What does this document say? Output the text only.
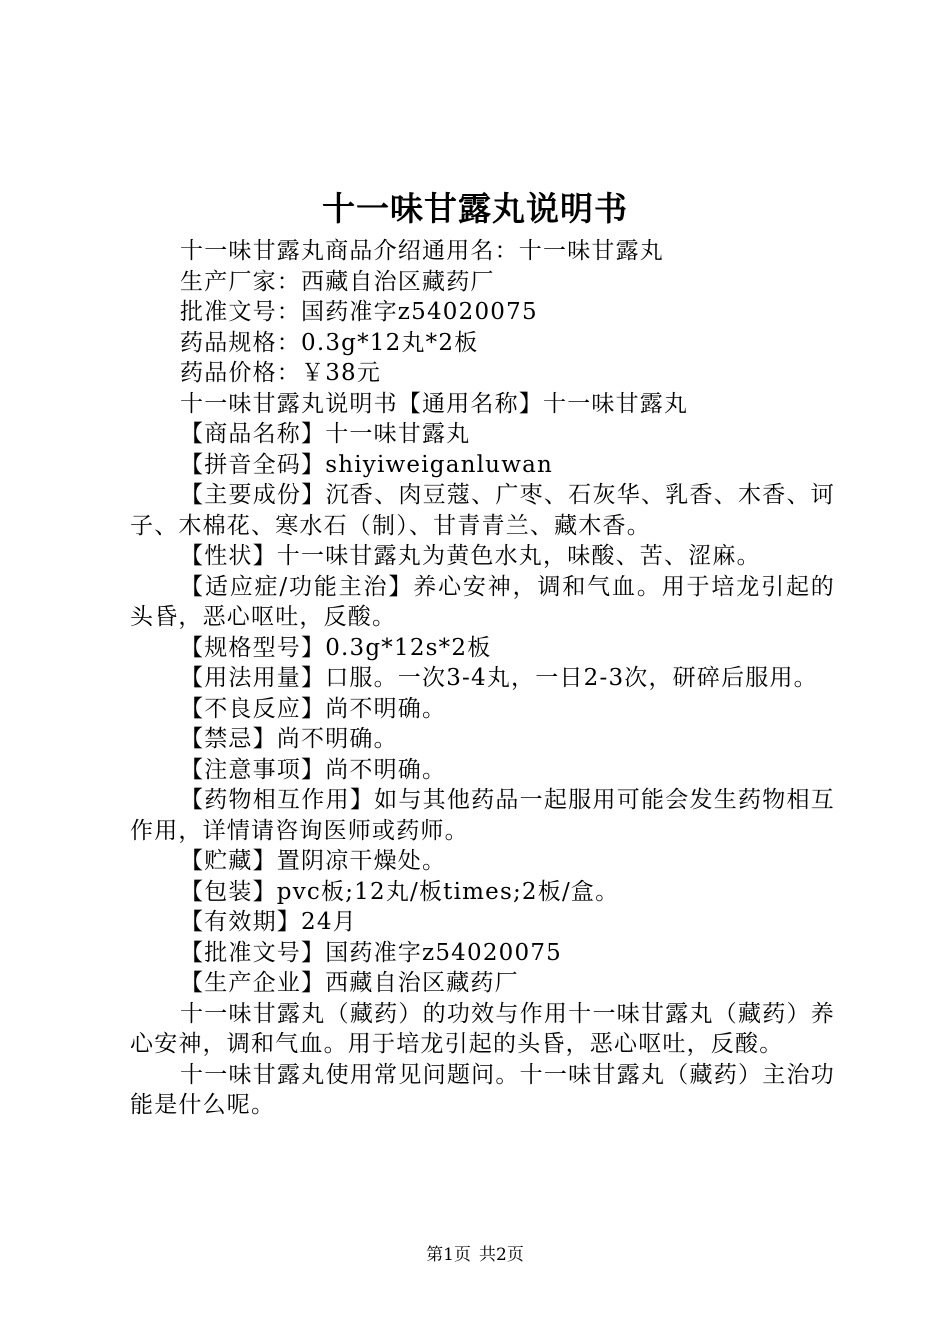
十一味甘露丸说明书

十一味甘露丸商品介绍通用名：十一味甘露丸

生产厂家：西藏自治区藏药厂

批准文号：国药准字z54020075

药品规格：0.3g*12丸*2板

药品价格：￥38元

十一味甘露丸说明书【通用名称】十一味甘露丸

【商品名称】十一味甘露丸

【拼音全码】shiyiweiganluwan

【主要成份】沉香、肉豆蔻、广枣、石灰华、乳香、木香、诃子、木棉花、寒水石（制）、甘青青兰、藏木香。

【性状】十一味甘露丸为黄色水丸，味酸、苦、涩麻。

【适应症/功能主治】养心安神，调和气血。用于培龙引起的头昏，恶心呕吐，反酸。

【规格型号】0.3g*12s*2板

【用法用量】口服。一次3-4丸，一日2-3次，研碎后服用。

【不良反应】尚不明确。

【禁忌】尚不明确。

【注意事项】尚不明确。

【药物相互作用】如与其他药品一起服用可能会发生药物相互作用，详情请咨询医师或药师。

【贮藏】置阴凉干燥处。

【包装】pvc板;12丸/板times;2板/盒。

【有效期】24月

【批准文号】国药准字z54020075

【生产企业】西藏自治区藏药厂

十一味甘露丸（藏药）的功效与作用十一味甘露丸（藏药）养心安神，调和气血。用于培龙引起的头昏，恶心呕吐，反酸。

十一味甘露丸使用常见问题问。十一味甘露丸（藏药）主治功能是什么呢。

第1页 共2页
